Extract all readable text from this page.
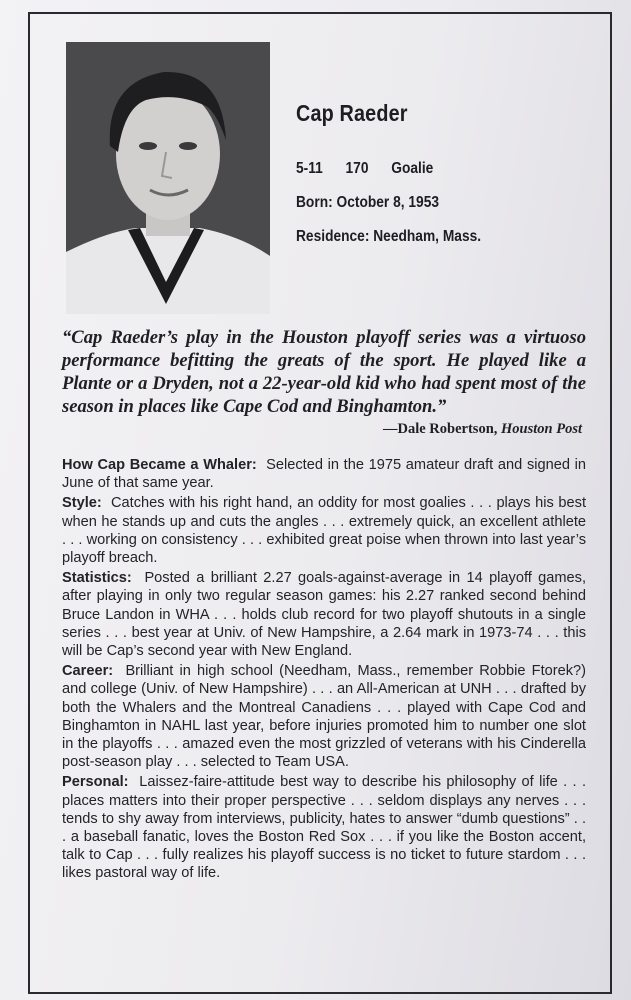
Cap Raeder
5-11 170 Goalie
Born: October 8, 1953
Residence: Needham, Mass.
“Cap Raeder’s play in the Houston playoff series was a virtuoso performance befitting the greats of the sport. He played like a Plante or a Dryden, not a 22-year-old kid who had spent most of the season in places like Cape Cod and Binghamton.”
—Dale Robertson, Houston Post

How Cap Became a Whaler: Selected in the 1975 amateur draft and signed in June of that same year.

Style: Catches with his right hand, an oddity for most goalies . . . plays his best when he stands up and cuts the angles . . . extremely quick, an excellent athlete . . . working on consistency . . . exhibited great poise when thrown into last year’s playoff breach.

Statistics: Posted a brilliant 2.27 goals-against-average in 14 playoff games, after playing in only two regular season games: his 2.27 ranked second behind Bruce Landon in WHA . . . holds club record for two playoff shutouts in a single series . . . best year at Univ. of New Hampshire, a 2.64 mark in 1973-74 . . . this will be Cap’s second year with New England.

Career: Brilliant in high school (Needham, Mass., remember Robbie Ftorek?) and college (Univ. of New Hampshire) . . . an All-American at UNH . . . drafted by both the Whalers and the Montreal Canadiens . . . played with Cape Cod and Binghamton in NAHL last year, before injuries promoted him to number one slot in the playoffs . . . amazed even the most grizzled of veterans with his Cinderella post-season play . . . selected to Team USA.

Personal: Laissez-faire-attitude best way to describe his philosophy of life . . . places matters into their proper perspective . . . seldom displays any nerves . . . tends to shy away from interviews, publicity, hates to answer “dumb questions” . . . a baseball fanatic, loves the Boston Red Sox . . . if you like the Boston accent, talk to Cap . . . fully realizes his playoff success is no ticket to future stardom . . . likes pastoral way of life.
